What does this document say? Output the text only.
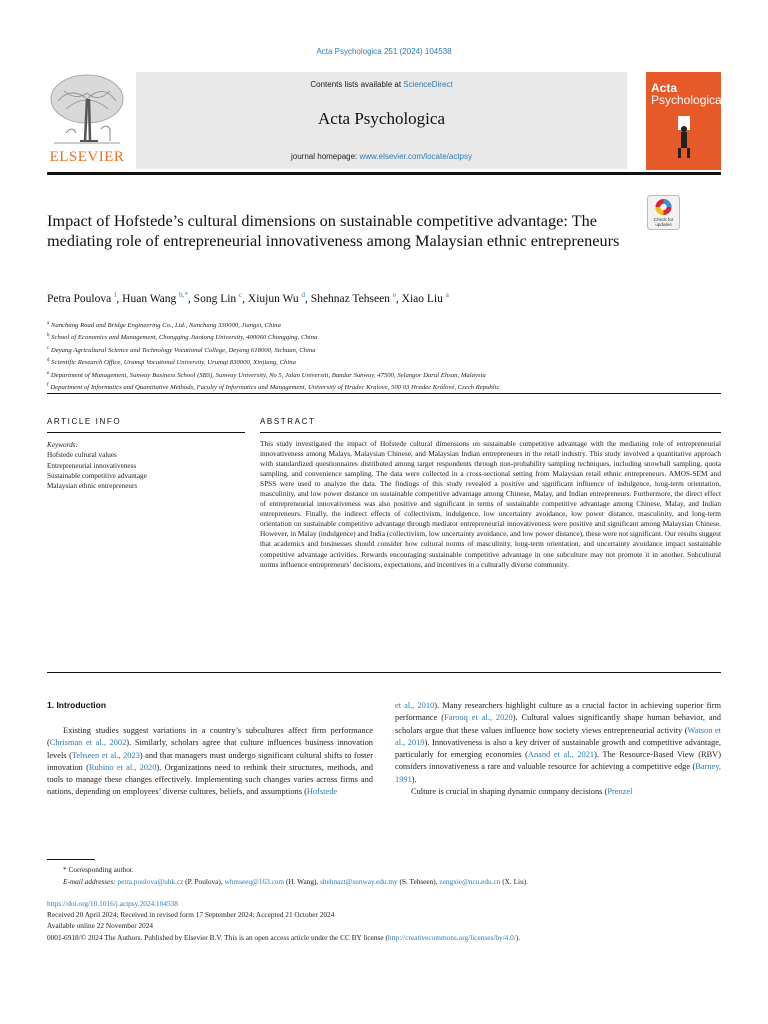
Acta Psychologica 251 (2024) 104538
ELSEVIER
Contents lists available at ScienceDirect
Acta Psychologica
journal homepage: www.elsevier.com/locate/actpsy
Acta
Psychologica
Check for
updates
Impact of Hofstede’s cultural dimensions on sustainable competitive advantage: The mediating role of entrepreneurial innovativeness among Malaysian ethnic entrepreneurs
Petra Poulova $^f$, Huan Wang $^{b,*}$, Song Lin $^c$, Xiujun Wu $^d$, Shehnaz Tehseen $^e$, Xiao Liu $^a$
$^a$ Nanchang Road and Bridge Engineering Co., Ltd., Nanchang 330000, Jiangxi, China
$^b$ School of Economics and Management, Chongqing Jiaotong University, 400060 Chongqing, China
$^c$ Deyang Agricultural Science and Technology Vocational College, Deyang 618000, Sichuan, China
$^d$ Scientific Research Office, Urumqi Vocational University, Urumqi 830000, Xinjiang, China
$^e$ Department of Management, Sunway Business School (SBS), Sunway University, No 5, Jalan Universiti, Bandar Sunway, 47500, Selangor Darul Ehsan, Malaysia
$^f$ Department of Informatics and Quantitative Methods, Faculty of Informatics and Management, University of Hradec Kralove, 500 03 Hradec Králové, Czech Republic
ARTICLE INFO
Keywords:
Hofstede cultural values
Entrepreneurial innovativeness
Sustainable competitive advantage
Malaysian ethnic entrepreneurs
ABSTRACT
This study investigated the impact of Hofstede cultural dimensions on sustainable competitive advantage with the mediating role of entrepreneurial innovativeness among Malays, Malaysian Chinese, and Malaysian Indian entrepreneurs in the retail industry. This study involved a quantitative approach with standardized questionnaires distributed among target respondents through non-probability sampling techniques, including snowball sampling, quota sampling, and convenience sampling. The data were collected in a cross-sectional setting from Malaysian retail ethnic entrepreneurs. AMOS-SEM and SPSS were used to analyze the data. The findings of this study revealed a positive and significant influence of indulgence, long-term orientation, masculinity, and low power distance on sustainable competitive advantage among Chinese, Malay, and Indian entrepreneurs. Furthermore, the direct effect of entrepreneurial innovativeness was also positive and significant in terms of sustainable competitive advantage among Chinese, Malay, and Indian entrepreneurs. Finally, the indirect effects of collectivism, indulgence, low uncertainty avoidance, low power distance, masculinity, and long-term orientation on sustainable competitive advantage through mediator entrepreneurial innovativeness were positive and significant among Malaysian Chinese. However, in Malay (indulgence) and India (collectivism, low uncertainty avoidance, and low power distance), these were not significant. Our results suggest that academics and businesses should consider how cultural norms of masculinity, long-term orientation, and uncertainty avoidance impact sustainable competitive advantage activities. Rewards encouraging sustainable competitive advantage in one subculture may not promote it in another. Subcultural norms influence entrepreneurs’ decisions, expectations, and incentives in a culturally diverse community.
1. Introduction

Existing studies suggest variations in a country’s subcultures affect firm performance (Chrisman et al., 2002). Similarly, scholars agree that culture influences business innovation levels (Tehseen et al., 2023) and that managers must undergo significant cultural shifts to foster innovation (Rubino et al., 2020). Organizations need to rethink their structures, methods, and tools to manage these changes effectively. Implementing such changes varies across firms and nations, depending on employees’ diverse cultures, beliefs, and assumptions (Hofstede

et al., 2010). Many researchers highlight culture as a crucial factor in achieving superior firm performance (Farooq et al., 2020). Cultural values significantly shape human behavior, and scholars argue that these values influence how society views entrepreneurial activity (Watson et al., 2019). Innovativeness is also a key driver of sustainable growth and competitive advantage, particularly for emerging economies (Anand et al., 2021). The Resource-Based View (RBV) considers innovativeness a rare and valuable resource for achieving a competitive edge (Barney, 1991).

Culture is crucial in shaping dynamic company decisions (Prenzel

* Corresponding author.
E-mail addresses: petra.poulova@uhk.cz (P. Poulova), whmseeq@163.com (H. Wang), shehnazt@sunway.edu.my (S. Tehseen), zengxie@ncu.edu.cn (X. Liu).
https://doi.org/10.1016/j.actpsy.2024.104538
Received 20 April 2024; Received in revised form 17 September 2024; Accepted 21 October 2024
Available online 22 November 2024
0001-6918/© 2024 The Authors. Published by Elsevier B.V. This is an open access article under the CC BY license (http://creativecommons.org/licenses/by/4.0/).
